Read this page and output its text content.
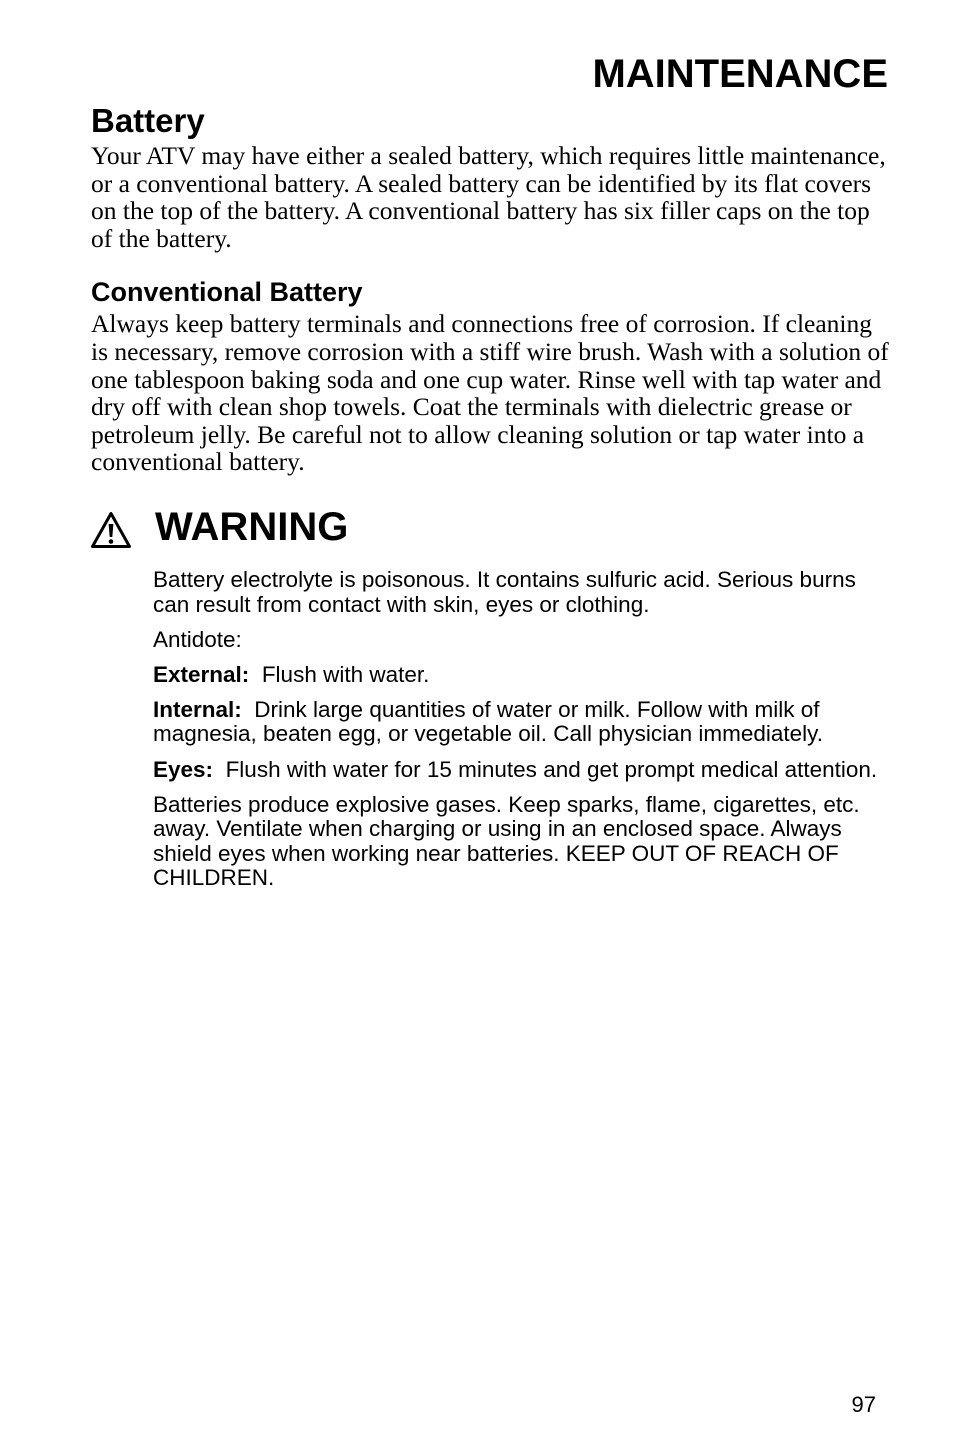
MAINTENANCE
Battery

Your ATV may have either a sealed battery, which requires little maintenance, or a conventional battery. A sealed battery can be identified by its flat covers on the top of the battery. A conventional battery has six filler caps on the top of the battery.

Conventional Battery

Always keep battery terminals and connections free of corrosion. If cleaning is necessary, remove corrosion with a stiff wire brush. Wash with a solution of one tablespoon baking soda and one cup water. Rinse well with tap water and dry off with clean shop towels. Coat the terminals with dielectric grease or petroleum jelly. Be careful not to allow cleaning solution or tap water into a conventional battery.

WARNING

Battery electrolyte is poisonous. It contains sulfuric acid. Serious burns can result from contact with skin, eyes or clothing.

Antidote:

External: Flush with water.

Internal: Drink large quantities of water or milk. Follow with milk of magnesia, beaten egg, or vegetable oil. Call physician immediately.

Eyes: Flush with water for 15 minutes and get prompt medical attention.

Batteries produce explosive gases. Keep sparks, flame, cigarettes, etc. away. Ventilate when charging or using in an enclosed space. Always shield eyes when working near batteries. KEEP OUT OF REACH OF CHILDREN.

97
